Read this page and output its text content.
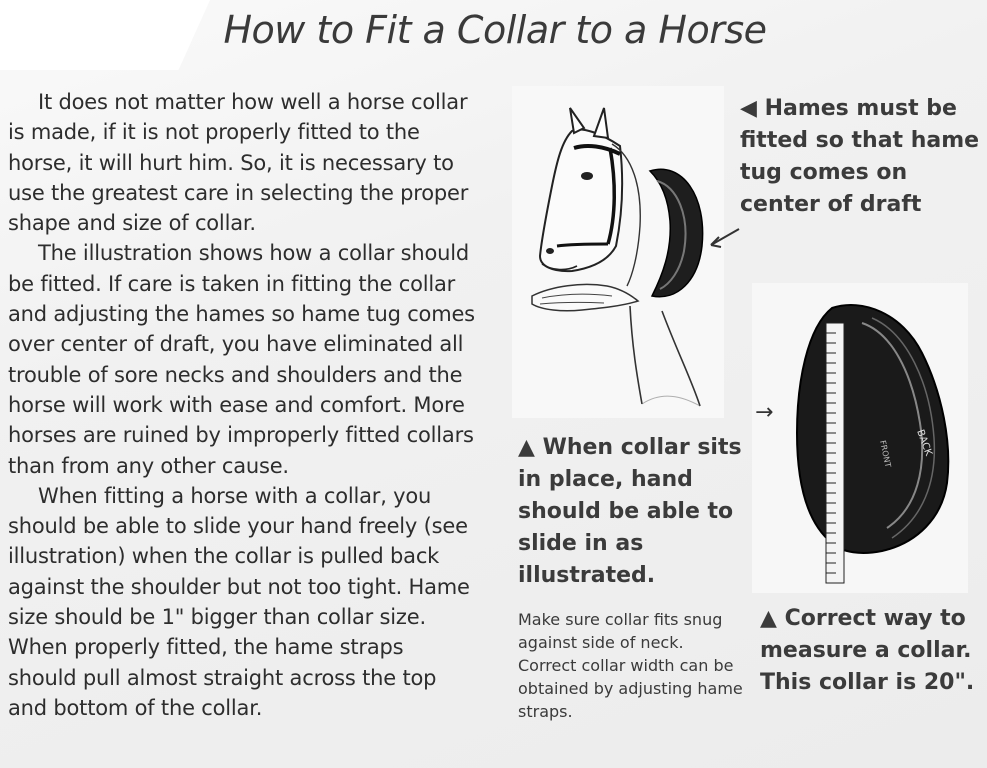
How to Fit a Collar to a Horse

It does not matter how well a horse collar is made, if it is not properly fitted to the horse, it will hurt him. So, it is necessary to use the greatest care in selecting the proper shape and size of collar.

The illustration shows how a collar should be fitted. If care is taken in fitting the collar and adjusting the hames so hame tug comes over center of draft, you have eliminated all trouble of sore necks and shoulders and the horse will work with ease and comfort. More horses are ruined by improperly fitted collars than from any other cause.

When fitting a horse with a collar, you should be able to slide your hand freely (see illustration) when the collar is pulled back against the shoulder but not too tight. Hame size should be 1" bigger than collar size. When properly fitted, the hame straps should pull almost straight across the top and bottom of the collar.

◀ Hames must be fitted so that hame tug comes on center of draft
BACK
FRONT
→
▲ When collar sits in place, hand should be able to slide in as illustrated.
Make sure collar fits snug against side of neck. Correct collar width can be obtained by adjusting hame straps.
▲ Correct way to measure a collar. This collar is 20".
